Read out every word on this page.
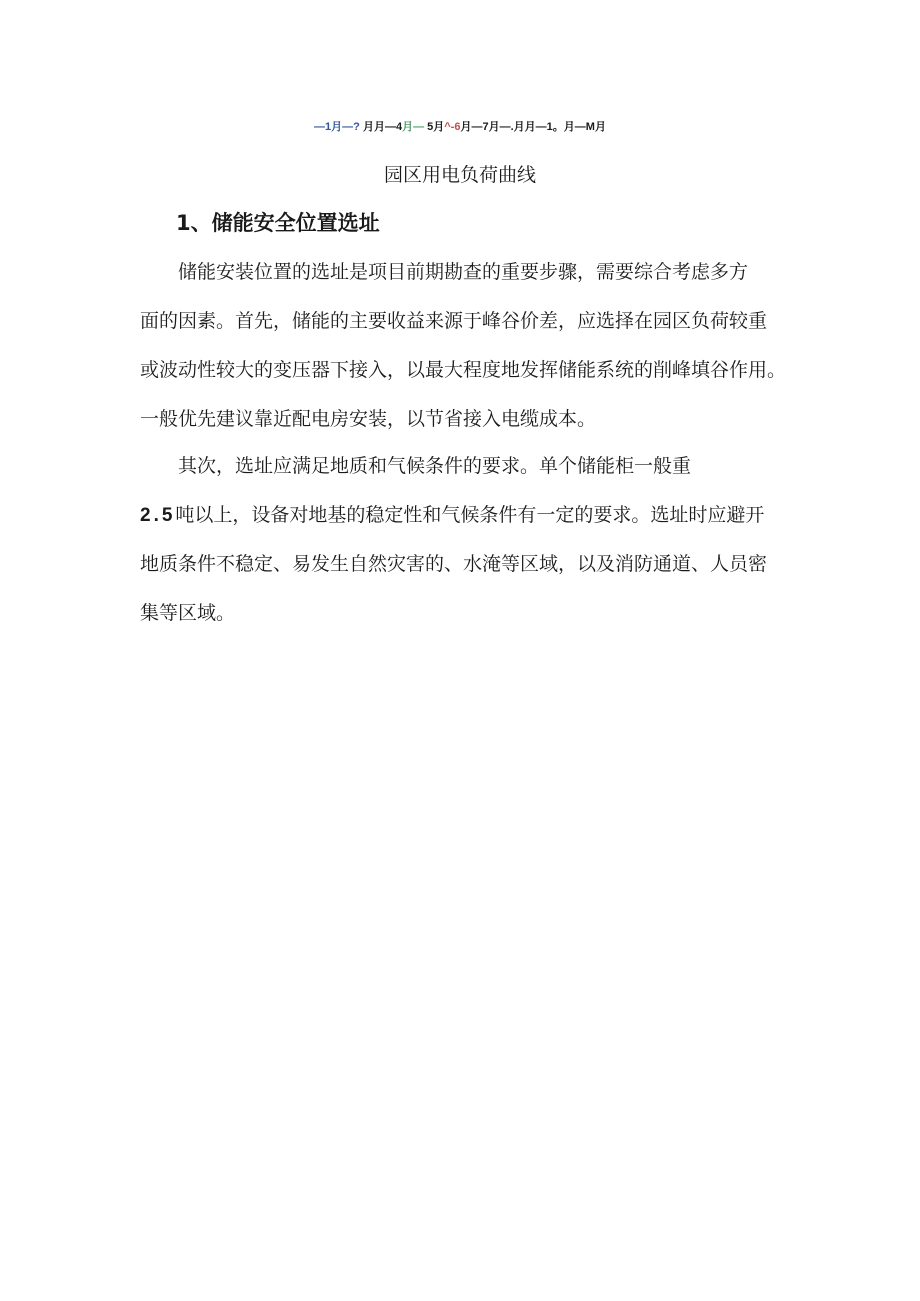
—1月—? 月月—4月— 5月^-6月—7月—.月月—1。月—M月
园区用电负荷曲线
1、储能安全位置选址

储能安装位置的选址是项目前期勘查的重要步骤，需要综合考虑多方

面的因素。首先，储能的主要收益来源于峰谷价差，应选择在园区负荷较重

或波动性较大的变压器下接入，以最大程度地发挥储能系统的削峰填谷作用。

一般优先建议靠近配电房安装，以节省接入电缆成本。

其次，选址应满足地质和气候条件的要求。单个储能柜一般重

2.5吨以上，设备对地基的稳定性和气候条件有一定的要求。选址时应避开

地质条件不稳定、易发生自然灾害的、水淹等区域，以及消防通道、人员密

集等区域。
